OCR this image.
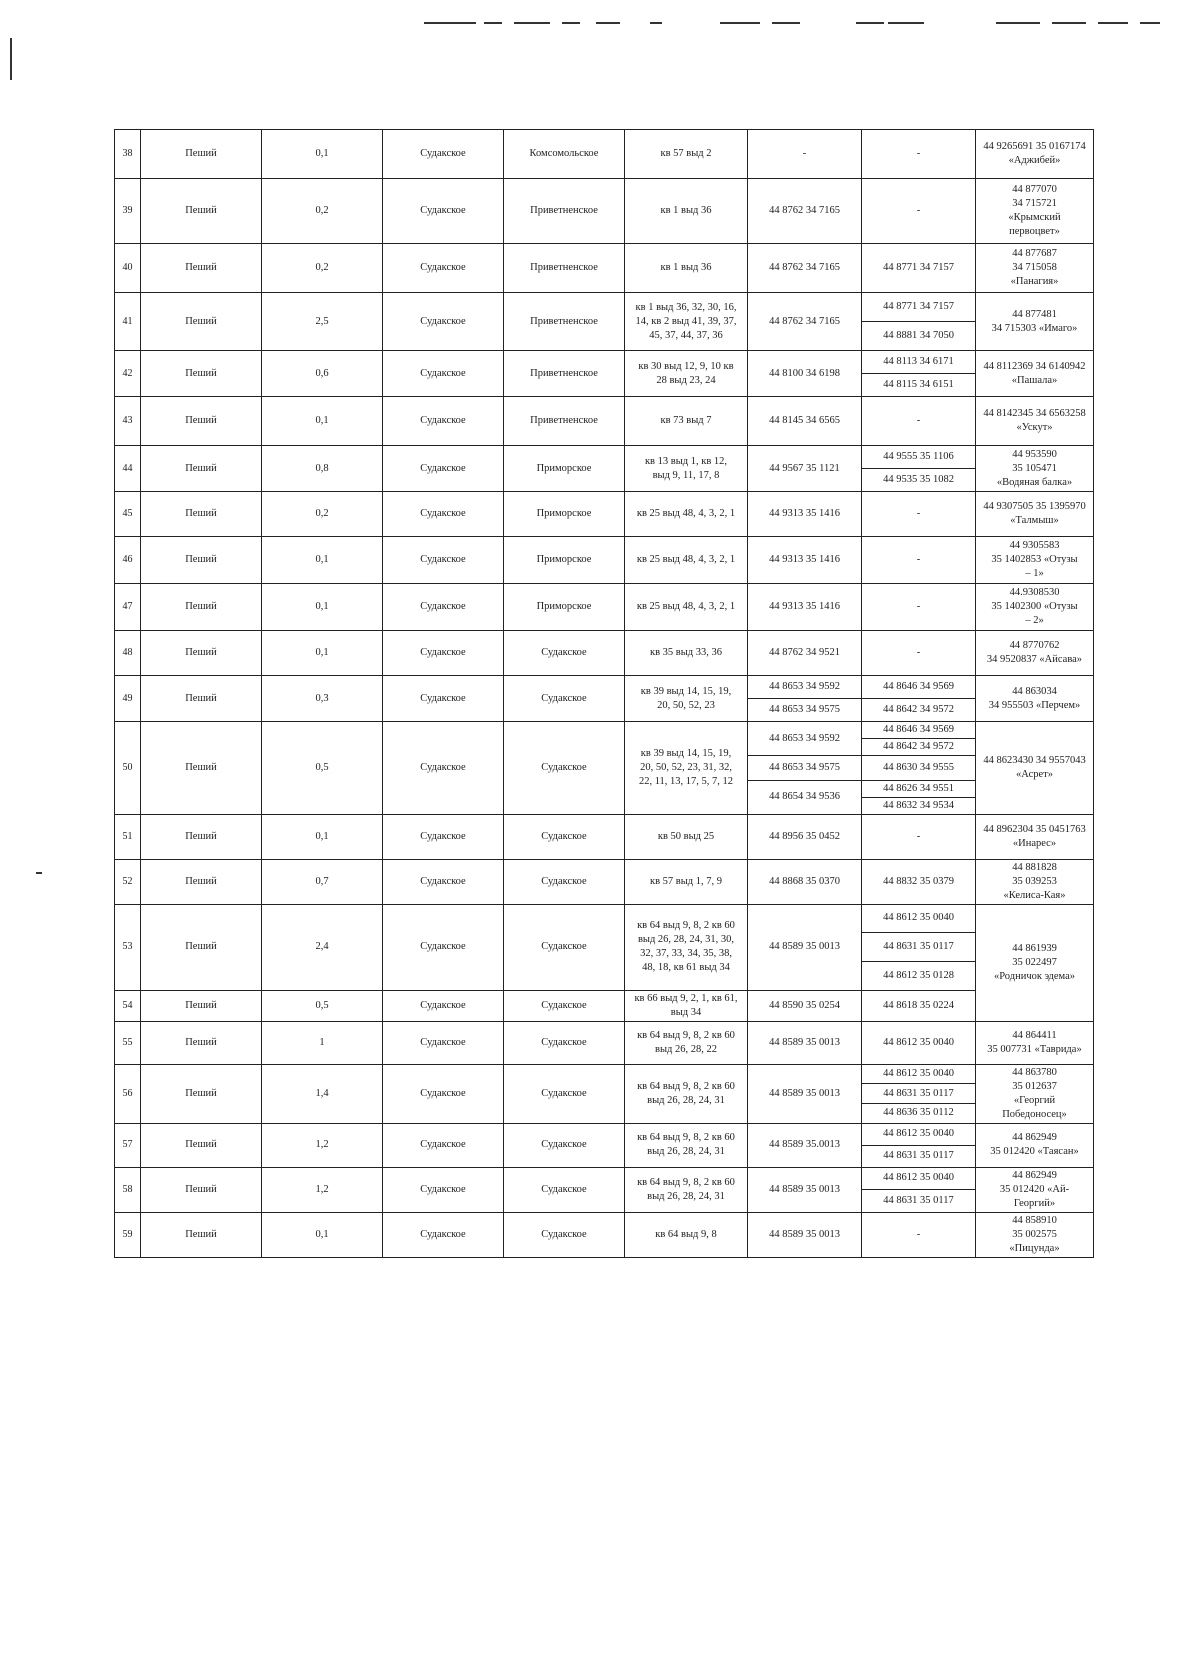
38	Пеший	0,1	Судакское	Комсомольское	кв 57 выд 2	-	-	44 9265691 35 0167174
«Аджибей»
39	Пеший	0,2	Судакское	Приветненское	кв 1 выд 36	44 8762 34 7165	-	44 877070
34 715721
«Крымский
первоцвет»
40	Пеший	0,2	Судакское	Приветненское	кв 1 выд 36	44 8762 34 7165	44 8771 34 7157	44 877687
34 715058
«Панагия»
41	Пеший	2,5	Судакское	Приветненское	кв 1 выд 36, 32, 30, 16,
14, кв 2 выд 41, 39, 37,
45, 37, 44, 37, 36	44 8762 34 7165	44 8771 34 7157	44 877481
34 715303 «Имаго»
							44 8881 34 7050	
42	Пеший	0,6	Судакское	Приветненское	кв 30 выд 12, 9, 10 кв
28 выд 23, 24	44 8100 34 6198	44 8113 34 6171	44 8112369 34 6140942
«Пашала»
							44 8115 34 6151	
43	Пеший	0,1	Судакское	Приветненское	кв 73 выд 7	44 8145 34 6565	-	44 8142345 34 6563258
«Ускут»
44	Пеший	0,8	Судакское	Приморское	кв 13 выд 1, кв 12,
выд 9, 11, 17, 8	44 9567 35 1121	44 9555 35 1106	44 953590
35 105471
«Водяная балка»
							44 9535 35 1082	
45	Пеший	0,2	Судакское	Приморское	кв 25 выд 48, 4, 3, 2, 1	44 9313 35 1416	-	44 9307505 35 1395970
«Талмыш»
46	Пеший	0,1	Судакское	Приморское	кв 25 выд 48, 4, 3, 2, 1	44 9313 35 1416	-	44 9305583
35 1402853 «Отузы
– 1»
47	Пеший	0,1	Судакское	Приморское	кв 25 выд 48, 4, 3, 2, 1	44 9313 35 1416	-	44.9308530
35 1402300 «Отузы
– 2»
48	Пеший	0,1	Судакское	Судакское	кв 35 выд 33, 36	44 8762 34 9521	-	44 8770762
34 9520837 «Айсава»
49	Пеший	0,3	Судакское	Судакское	кв 39 выд 14, 15, 19,
20, 50, 52, 23	44 8653 34 9592	44 8646 34 9569	44 863034
34 955503 «Перчем»
						44 8653 34 9575	44 8642 34 9572	
50	Пеший	0,5	Судакское	Судакское	кв 39 выд 14, 15, 19,
20, 50, 52, 23, 31, 32,
22, 11, 13, 17, 5, 7, 12	44 8653 34 9592	44 8646 34 9569	44 8623430 34 9557043
«Асрет»
							44 8642 34 9572	
						44 8653 34 9575	44 8630 34 9555	

						44 8654 34 9536	44 8626 34 9551	
							44 8632 34 9534	
51	Пеший	0,1	Судакское	Судакское	кв 50 выд 25	44 8956 35 0452	-	44 8962304 35 0451763
«Инарес»
52	Пеший	0,7	Судакское	Судакское	кв 57 выд 1, 7, 9	44 8868 35 0370	44 8832 35 0379	44 881828
35 039253
«Келиса-Кая»
53	Пеший	2,4	Судакское	Судакское	кв 64 выд 9, 8, 2 кв 60
выд 26, 28, 24, 31, 30,
32, 37, 33, 34, 35, 38,
48, 18, кв 61 выд 34	44 8589 35 0013	44 8612 35 0040	44 861939
35 022497
«Родничок эдема»
							44 8631 35 0117	
							44 8612 35 0128	
54	Пеший	0,5	Судакское	Судакское	кв 66 выд 9, 2, 1, кв 61,
выд 34	44 8590 35 0254	44 8618 35 0224	
55	Пеший	1	Судакское	Судакское	кв 64 выд 9, 8, 2 кв 60
выд 26, 28, 22	44 8589 35 0013	44 8612 35 0040	44 864411
35 007731 «Таврида»
56	Пеший	1,4	Судакское	Судакское	кв 64 выд 9, 8, 2 кв 60
выд 26, 28, 24, 31	44 8589 35 0013	44 8612 35 0040	44 863780
35 012637
«Георгий
Победоносец»
							44 8631 35 0117	
							44 8636 35 0112	
57	Пеший	1,2	Судакское	Судакское	кв 64 выд 9, 8, 2 кв 60
выд 26, 28, 24, 31	44 8589 35.0013	44 8612 35 0040	44 862949
35 012420 «Таясан»
							44 8631 35 0117	
58	Пеший	1,2	Судакское	Судакское	кв 64 выд 9, 8, 2 кв 60
выд 26, 28, 24, 31	44 8589 35 0013	44 8612 35 0040	44 862949
35 012420 «Ай-
Георгий»
							44 8631 35 0117	
59	Пеший	0,1	Судакское	Судакское	кв 64 выд 9, 8	44 8589 35 0013	-	44 858910
35 002575
«Пицунда»
